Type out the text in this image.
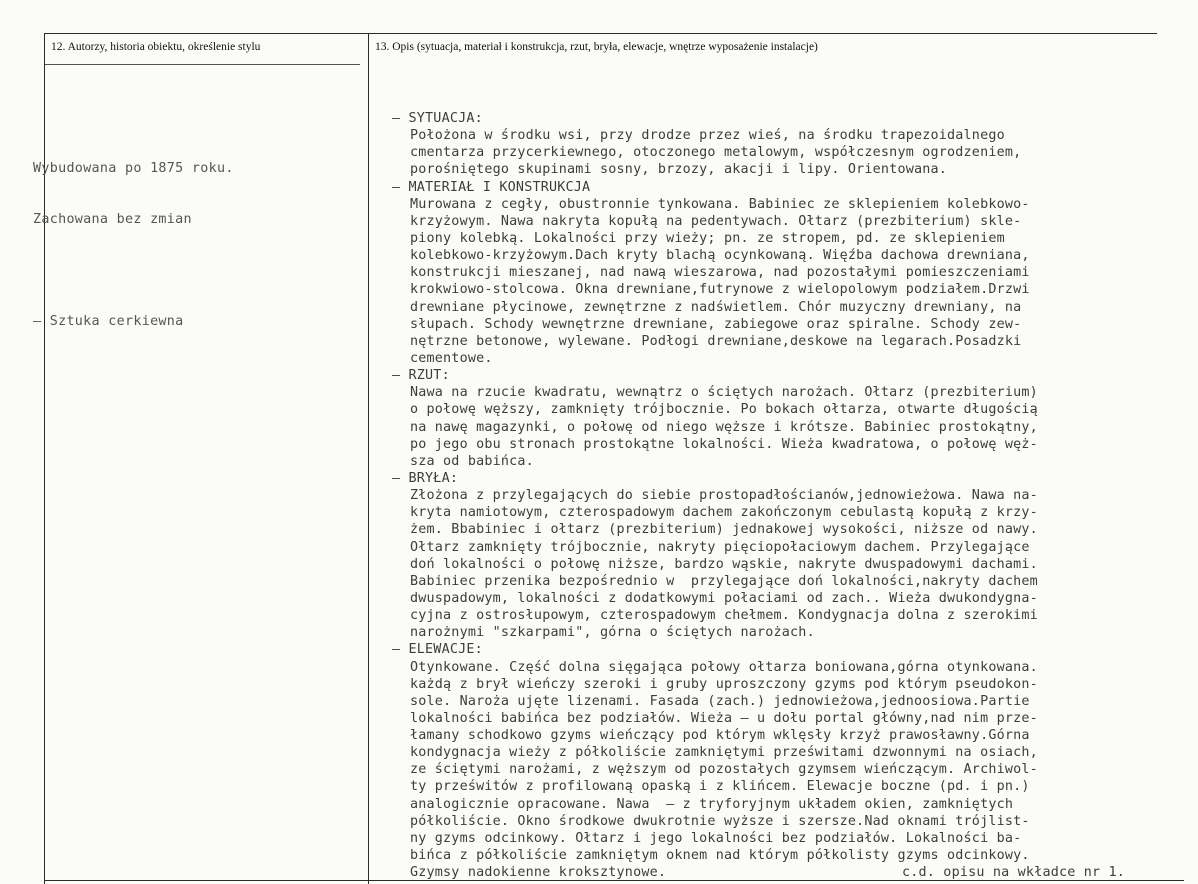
12. Autorzy, historia obiektu, określenie stylu	13. Opis (sytuacja, materiał i konstrukcja, rzut, bryła, elewacje, wnętrze wyposażenie instalacje)

Wybudowana po 1875 roku.

Zachowana bez zmian

– Sztuka cerkiewna

– SYTUACJA:
Położona w środku wsi, przy drodze przez wieś, na środku trapezoidalnego
cmentarza przycerkiewnego, otoczonego metalowym, współczesnym ogrodzeniem,
porośniętego skupinami sosny, brzozy, akacji i lipy. Orientowana.
– MATERIAŁ I KONSTRUKCJA
Murowana z cegły, obustronnie tynkowana. Babiniec ze sklepieniem kolebkowo-
krzyżowym. Nawa nakryta kopułą na pedentywach. Ołtarz (prezbiterium) skle-
piony kolebką. Lokalności przy wieży; pn. ze stropem, pd. ze sklepieniem
kolebkowo-krzyżowym.Dach kryty blachą ocynkowaną. Więźba dachowa drewniana,
konstrukcji mieszanej, nad nawą wieszarowa, nad pozostałymi pomieszczeniami
krokwiowo-stolcowa. Okna drewniane,futrynowe z wielopolowym podziałem.Drzwi
drewniane płycinowe, zewnętrzne z nadświetlem. Chór muzyczny drewniany, na
słupach. Schody wewnętrzne drewniane, zabiegowe oraz spiralne. Schody zew-
nętrzne betonowe, wylewane. Podłogi drewniane,deskowe na legarach.Posadzki
cementowe.
– RZUT:
Nawa na rzucie kwadratu, wewnątrz o ściętych narożach. Ołtarz (prezbiterium)
o połowę węższy, zamknięty trójbocznie. Po bokach ołtarza, otwarte długością
na nawę magazynki, o połowę od niego węższe i krótsze. Babiniec prostokątny,
po jego obu stronach prostokątne lokalności. Wieża kwadratowa, o połowę węż-
sza od babińca.
– BRYŁA:
Złożona z przylegających do siebie prostopadłościanów,jednowieżowa. Nawa na-
kryta namiotowym, czterospadowym dachem zakończonym cebulastą kopułą z krzy-
żem. Bbabiniec i ołtarz (prezbiterium) jednakowej wysokości, niższe od nawy.
Ołtarz zamknięty trójbocznie, nakryty pięciopołaciowym dachem. Przylegające
doń lokalności o połowę niższe, bardzo wąskie, nakryte dwuspadowymi dachami.
Babiniec przenika bezpośrednio w  przylegające doń lokalności,nakryty dachem
dwuspadowym, lokalności z dodatkowymi połaciami od zach.. Wieża dwukondygna-
cyjna z ostrosłupowym, czterospadowym chełmem. Kondygnacja dolna z szerokimi
narożnymi "szkarpami", górna o ściętych narożach.
– ELEWACJE:
Otynkowane. Część dolna sięgająca połowy ołtarza boniowana,górna otynkowana.
każdą z brył wieńczy szeroki i gruby uproszczony gzyms pod którym pseudokon-
sole. Naroża ujęte lizenami. Fasada (zach.) jednowieżowa,jednoosiowa.Partie
lokalności babińca bez podziałów. Wieża – u dołu portal główny,nad nim prze-
łamany schodkowo gzyms wieńczący pod którym wklęsły krzyż prawosławny.Górna
kondygnacja wieży z półkoliście zamkniętymi prześwitami dzwonnymi na osiach,
ze ściętymi narożami, z węższym od pozostałych gzymsem wieńczącym. Archiwol-
ty prześwitów z profilowaną opaską i z klińcem. Elewacje boczne (pd. i pn.)
analogicznie opracowane. Nawa  – z tryforyjnym układem okien, zamkniętych
półkoliście. Okno środkowe dwukrotnie wyższe i szersze.Nad oknami trójlist-
ny gzyms odcinkowy. Ołtarz i jego lokalności bez podziałów. Lokalności ba-
bińca z półkoliście zamkniętym oknem nad którym półkolisty gzyms odcinkowy.
Gzymsy nadokienne kroksztynowe.	c.d. opisu na wkładce nr 1.
